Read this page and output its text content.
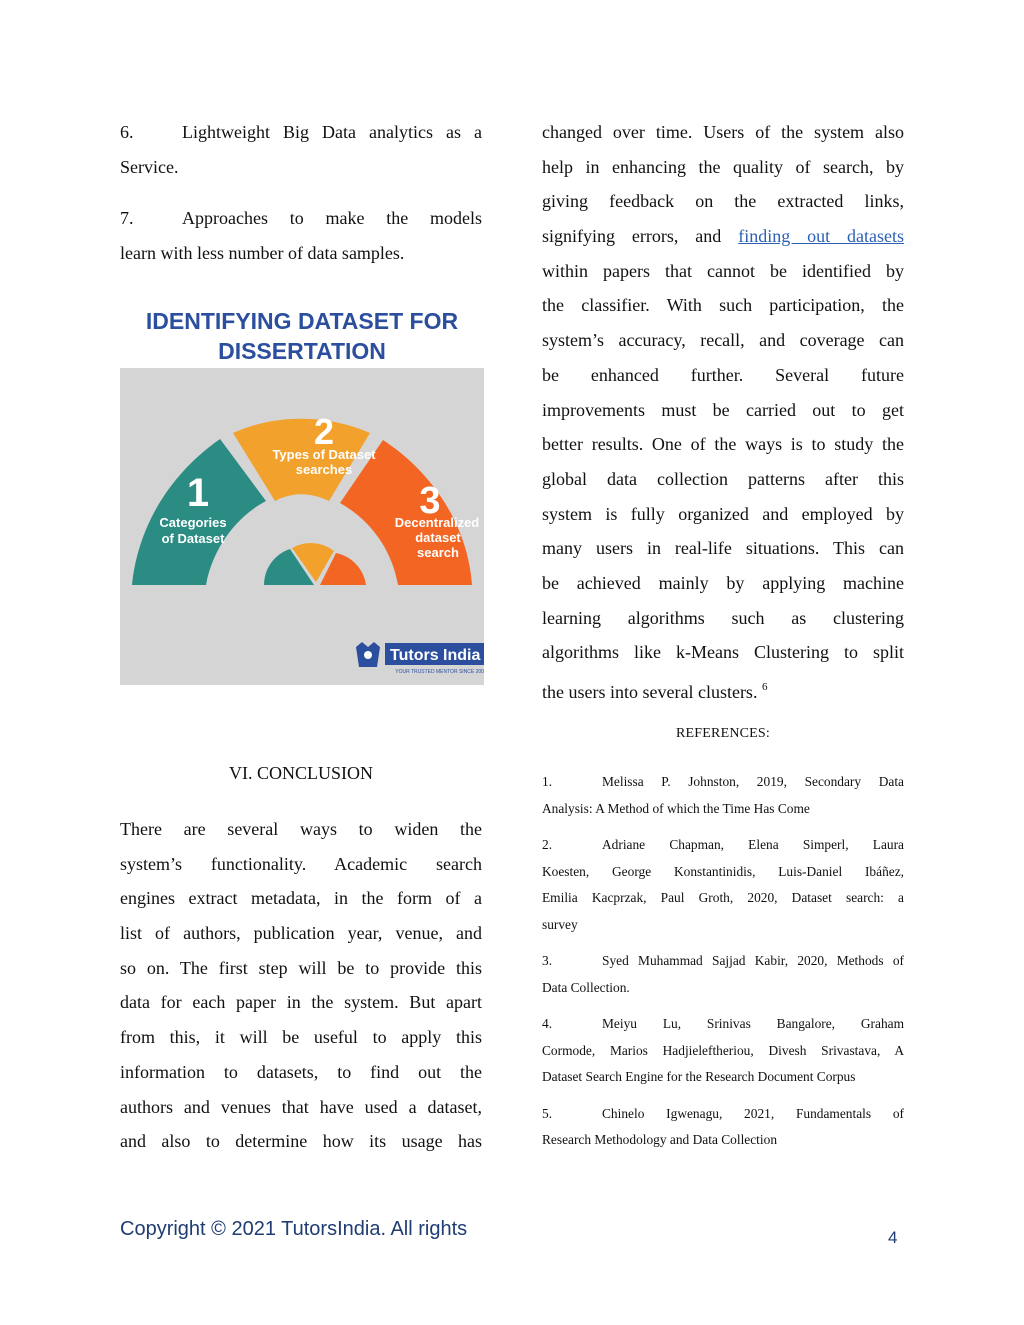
6.	Lightweight Big Data analytics as a
Service.
7.	Approaches to make the models
learn with less number of data samples.
IDENTIFYING DATASET FOR
DISSERTATION
1
Categories
of Dataset
2
Types of Dataset
searches
3
Decentralized
dataset
search
Tutors India
YOUR TRUSTED MENTOR SINCE 2001
changed over time. Users of the system also
help in enhancing the quality of search, by
giving feedback on the extracted links,
signifying errors, and finding out datasets
within papers that cannot be identified by
the classifier. With such participation, the
system’s accuracy, recall, and coverage can
be enhanced further. Several future
improvements must be carried out to get
better results. One of the ways is to study the
global data collection patterns after this
system is fully organized and employed by
many users in real-life situations. This can
be achieved mainly by applying machine
learning algorithms such as clustering
algorithms like k-Means Clustering to split
the users into several clusters. $^6$
VI. CONCLUSION
There are several ways to widen the
system’s functionality. Academic search
engines extract metadata, in the form of a
list of authors, publication year, venue, and
so on. The first step will be to provide this
data for each paper in the system. But apart
from this, it will be useful to apply this
information to datasets, to find out the
authors and venues that have used a dataset,
and also to determine how its usage has
REFERENCES:
1.	Melissa P. Johnston, 2019, Secondary Data
Analysis: A Method of which the Time Has Come
2.	Adriane Chapman, Elena Simperl, Laura
Koesten, George Konstantinidis, Luis-Daniel Ibáñez,
Emilia Kacprzak, Paul Groth, 2020, Dataset search: a
survey
3.	Syed Muhammad Sajjad Kabir, 2020, Methods of
Data Collection.
4.	Meiyu Lu, Srinivas Bangalore, Graham
Cormode, Marios Hadjieleftheriou, Divesh Srivastava, A
Dataset Search Engine for the Research Document Corpus
5.	Chinelo Igwenagu, 2021, Fundamentals of
Research Methodology and Data Collection
Copyright © 2021 TutorsIndia. All rights	4
